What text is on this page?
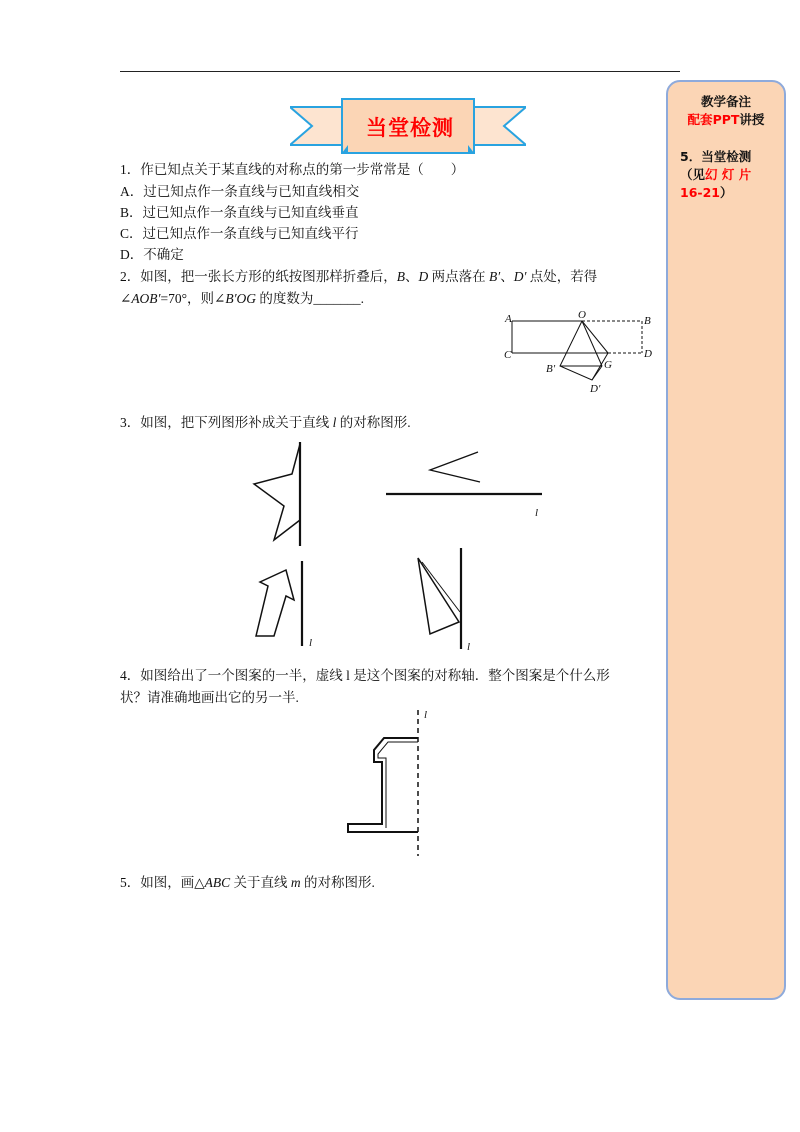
当堂检测
1．作已知点关于某直线的对称点的第一步常常是（　　）
A．过已知点作一条直线与已知直线相交
B．过已知点作一条直线与已知直线垂直
C．过已知点作一条直线与已知直线平行
D．不确定
2．如图，把一张长方形的纸按图那样折叠后，B、D 两点落在 B′、D′ 点处，若得
∠AOB′=70°，则∠B′OG 的度数为_______.
A	O	B
C	D
B′	G
D′
3．如图，把下列图形补成关于直线 l 的对称图形.
l
l	l
4．如图给出了一个图案的一半，虚线 l 是这个图案的对称轴．整个图案是个什么形
状？请准确地画出它的另一半.
l
5．如图，画△ABC 关于直线 m 的对称图形.
教学备注
配套PPT讲授
5．当堂检测
（见幻 灯 片
16-21）
